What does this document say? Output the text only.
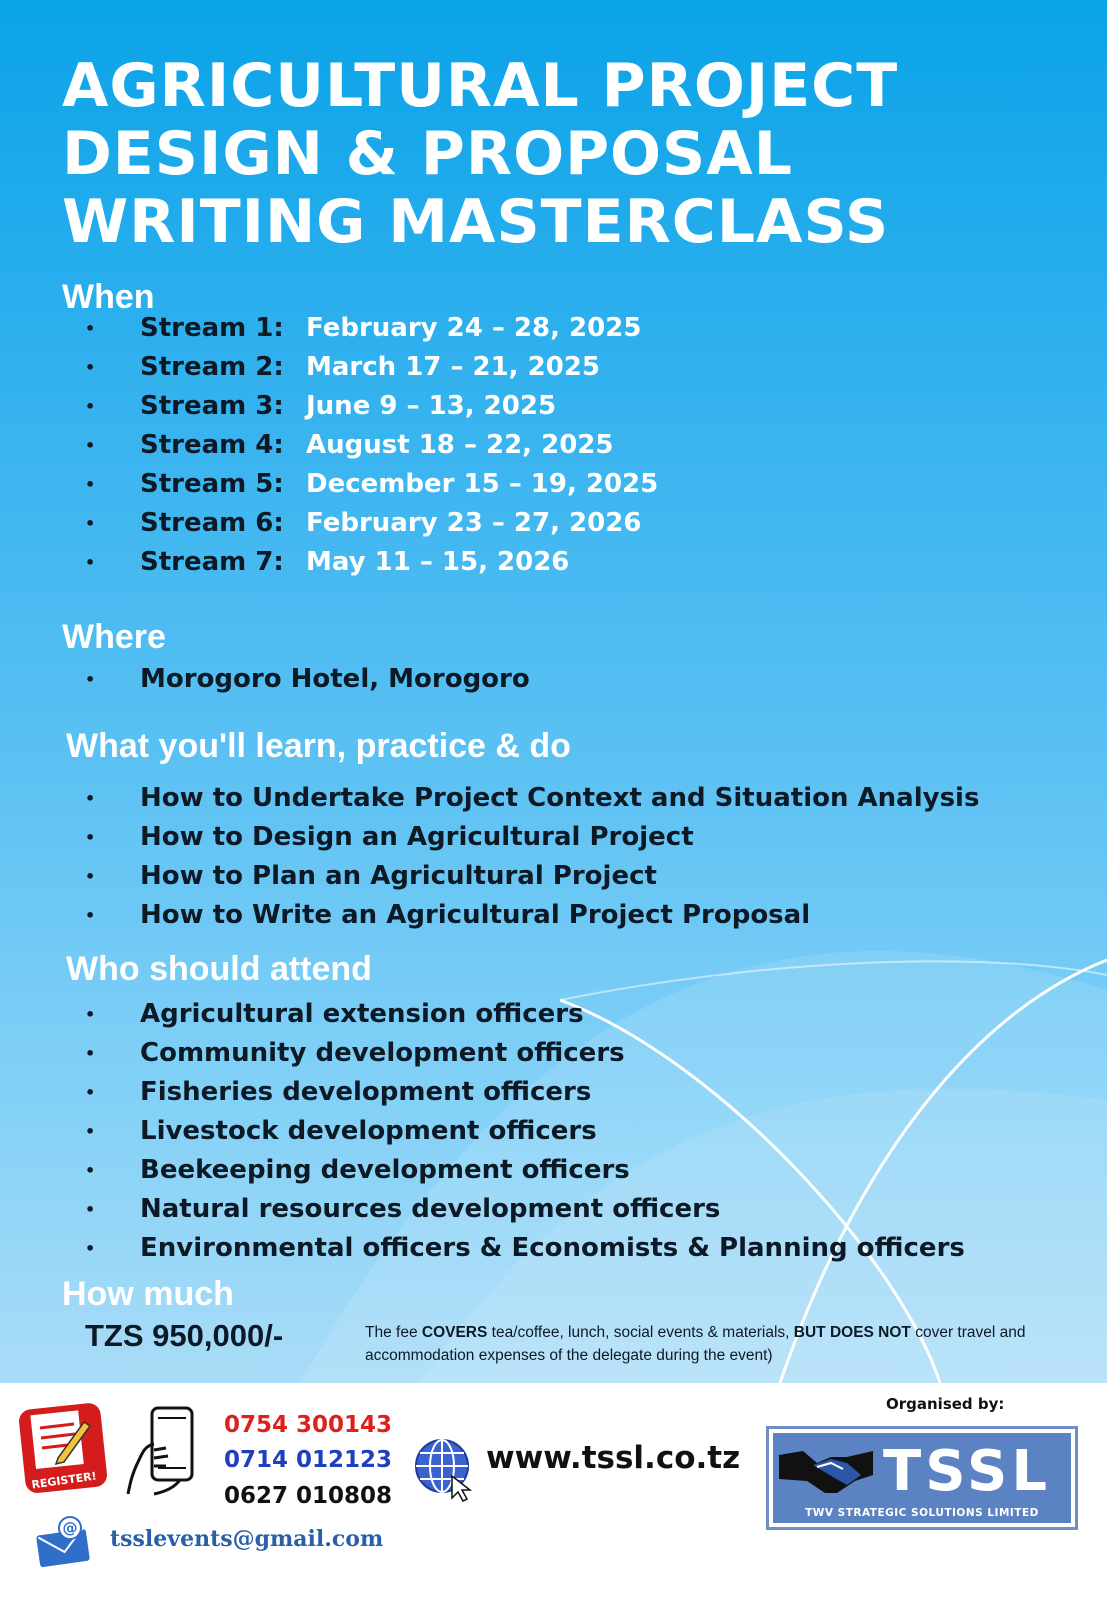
AGRICULTURAL PROJECT
DESIGN & PROPOSAL
WRITING MASTERCLASS
When
• Stream 1: February 24 – 28, 2025
• Stream 2: March 17 – 21, 2025
• Stream 3: June 9 – 13, 2025
• Stream 4: August 18 – 22, 2025
• Stream 5: December 15 – 19, 2025
• Stream 6: February 23 – 27, 2026
• Stream 7: May 11 – 15, 2026
Where
• Morogoro Hotel, Morogoro
What you'll learn, practice & do
• How to Undertake Project Context and Situation Analysis
• How to Design an Agricultural Project
• How to Plan an Agricultural Project
• How to Write an Agricultural Project Proposal
Who should attend
• Agricultural extension officers
• Community development officers
• Fisheries development officers
• Livestock development officers
• Beekeeping development officers
• Natural resources development officers
• Environmental officers & Economists & Planning officers
How much
TZS 950,000/-	The fee COVERS tea/coffee, lunch, social events & materials, BUT DOES NOT cover travel and accommodation expenses of the delegate during the event)
REGISTER!
0754 300143
0714 012123
0627 010808
www.tssl.co.tz
@ tsslevents@gmail.com
Organised by:
TSSL
TWV STRATEGIC SOLUTIONS LIMITED
